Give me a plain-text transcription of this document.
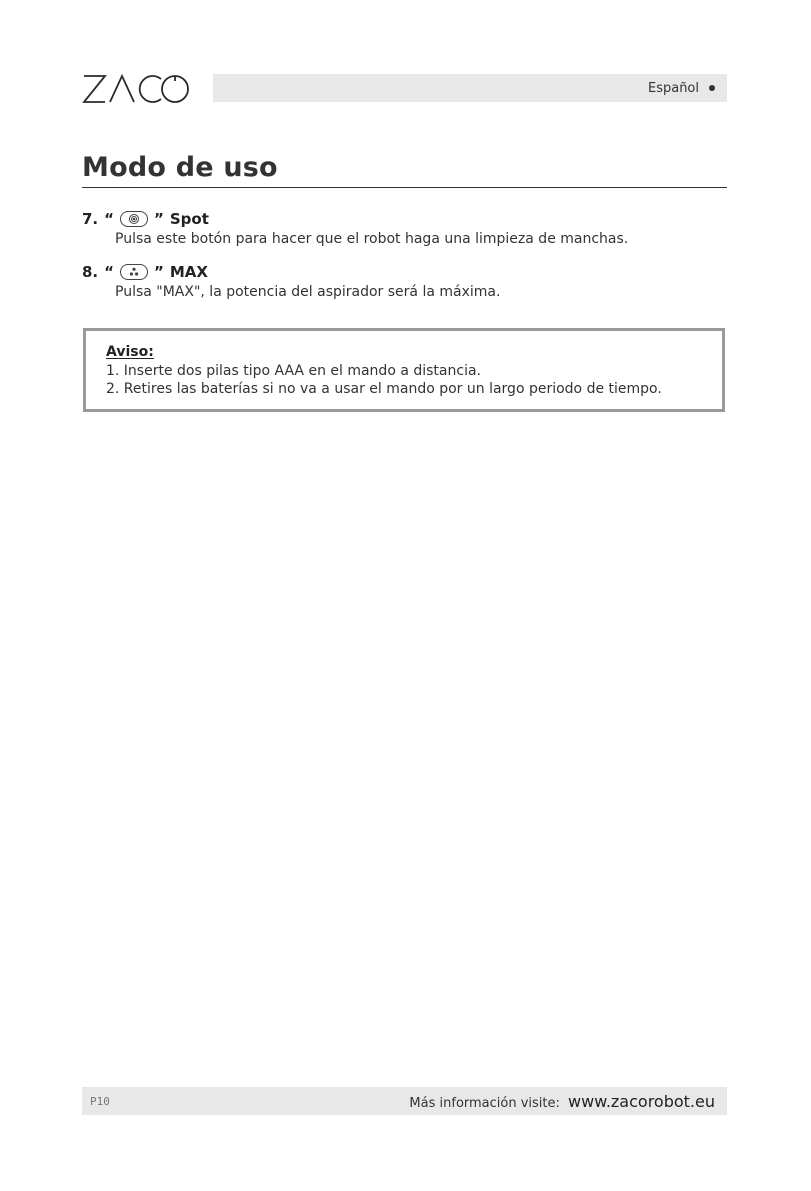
Español
Modo de uso
7. “	” Spot
Pulsa este botón para hacer que el robot haga una limpieza de manchas.
8. “	” MAX
Pulsa "MAX", la potencia del aspirador será la máxima.
Aviso:
1. Inserte dos pilas tipo AAA en el mando a distancia.
2. Retires las baterías si no va a usar el mando por un largo periodo de tiempo.
P10	Más información visite: www.zacorobot.eu
